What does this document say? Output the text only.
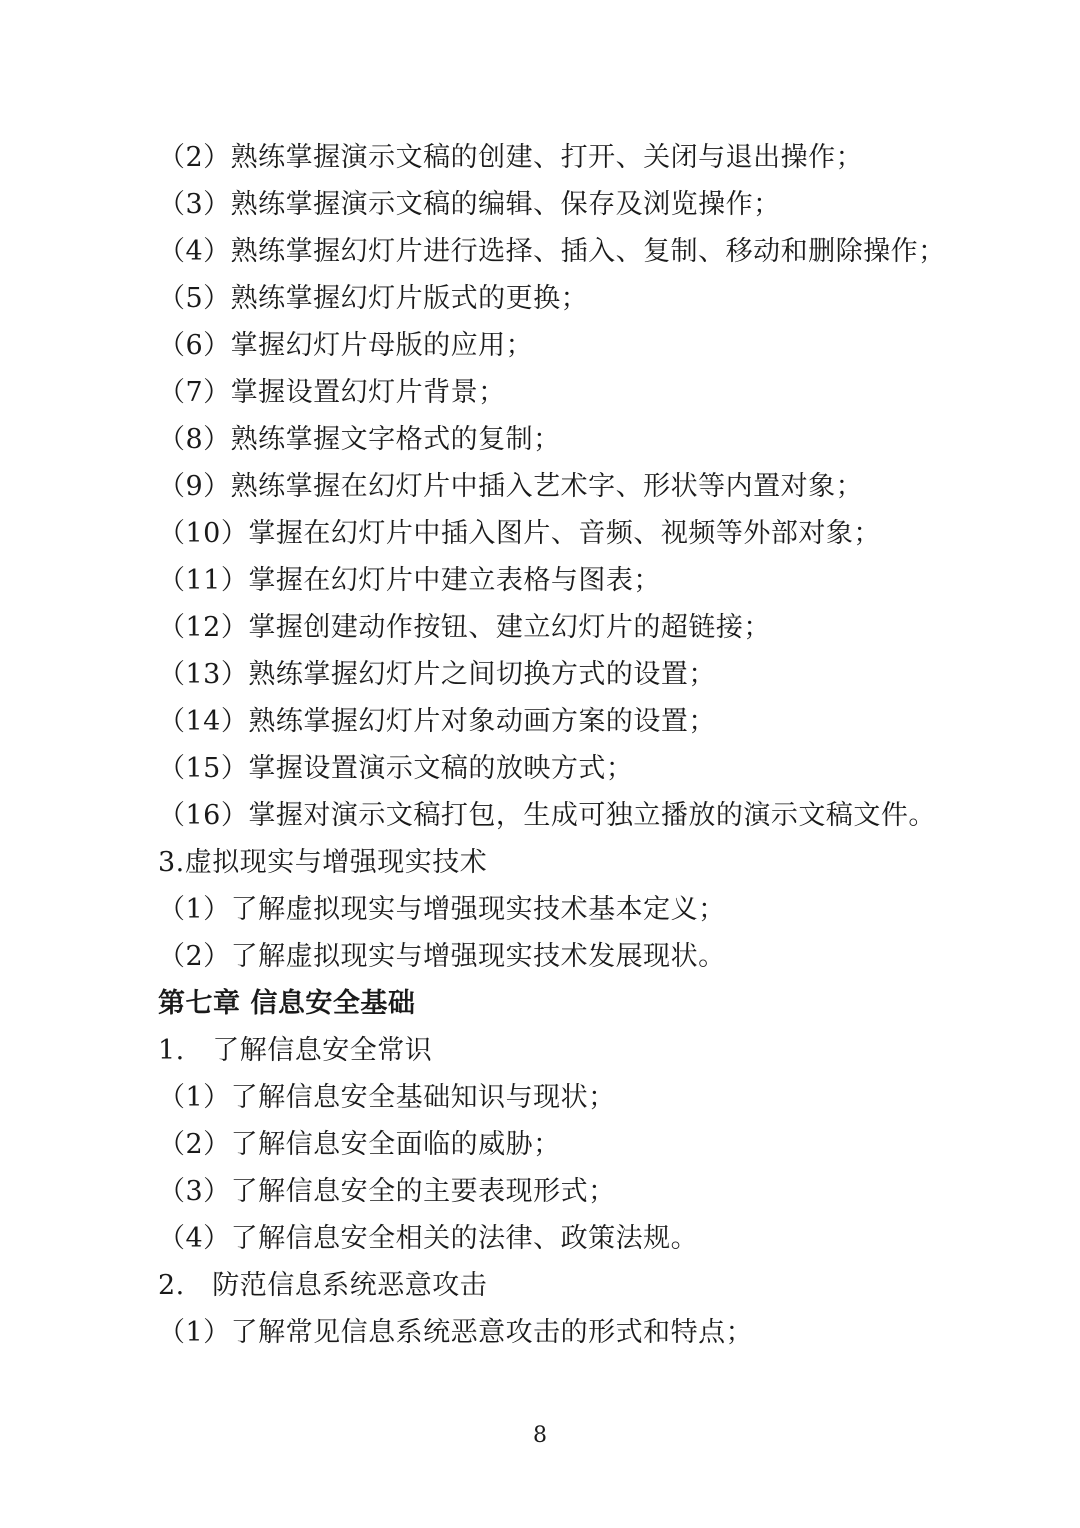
（2）熟练掌握演示文稿的创建、打开、关闭与退出操作；
（3）熟练掌握演示文稿的编辑、保存及浏览操作；
（4）熟练掌握幻灯片进行选择、插入、复制、移动和删除操作；
（5）熟练掌握幻灯片版式的更换；
（6）掌握幻灯片母版的应用；
（7）掌握设置幻灯片背景；
（8）熟练掌握文字格式的复制；
（9）熟练掌握在幻灯片中插入艺术字、形状等内置对象；
（10）掌握在幻灯片中插入图片、音频、视频等外部对象；
（11）掌握在幻灯片中建立表格与图表；
（12）掌握创建动作按钮、建立幻灯片的超链接；
（13）熟练掌握幻灯片之间切换方式的设置；
（14）熟练掌握幻灯片对象动画方案的设置；
（15）掌握设置演示文稿的放映方式；
（16）掌握对演示文稿打包，生成可独立播放的演示文稿文件。
3.虚拟现实与增强现实技术
（1）了解虚拟现实与增强现实技术基本定义；
（2）了解虚拟现实与增强现实技术发展现状。
第七章 信息安全基础
1.　了解信息安全常识
（1）了解信息安全基础知识与现状；
（2）了解信息安全面临的威胁；
（3）了解信息安全的主要表现形式；
（4）了解信息安全相关的法律、政策法规。
2.　防范信息系统恶意攻击
（1）了解常见信息系统恶意攻击的形式和特点；
8
